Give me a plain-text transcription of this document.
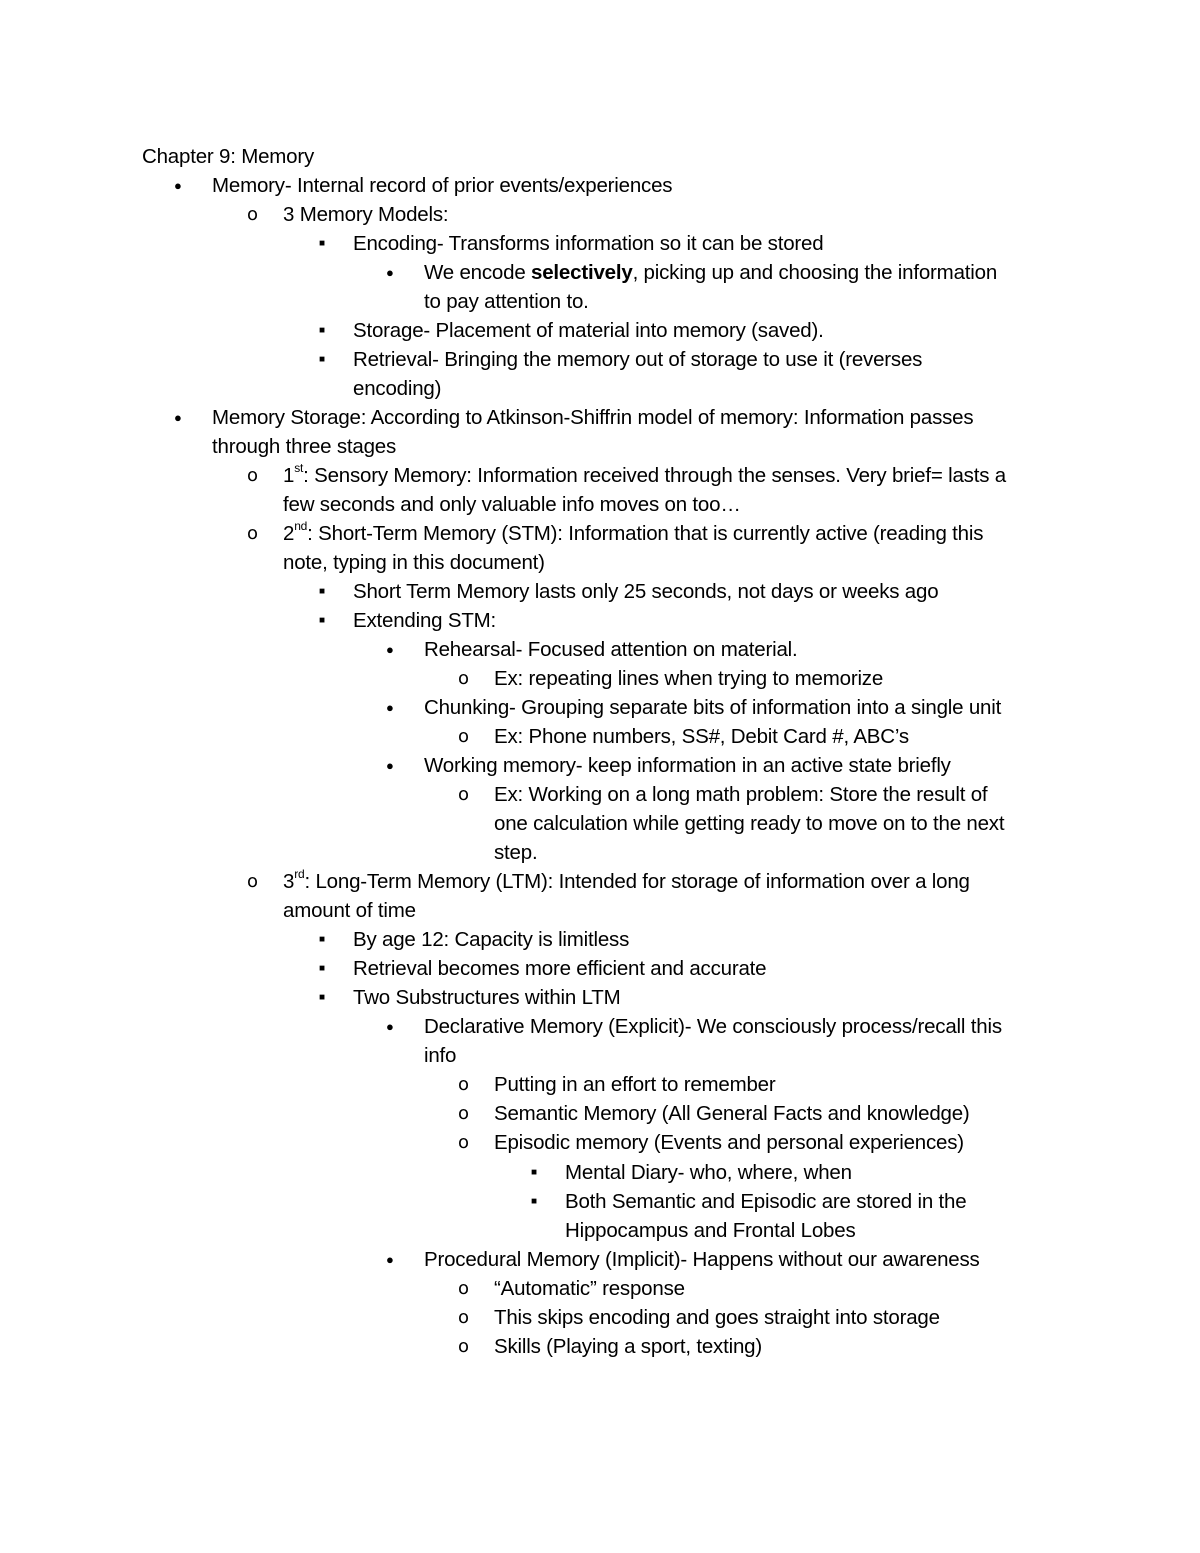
Chapter 9: Memory
● Memory- Internal record of prior events/experiences
o 3 Memory Models:
■ Encoding- Transforms information so it can be stored
● We encode selectively, picking up and choosing the information
to pay attention to.
■ Storage- Placement of material into memory (saved).
■ Retrieval- Bringing the memory out of storage to use it (reverses
encoding)
● Memory Storage: According to Atkinson-Shiffrin model of memory: Information passes
through three stages
o 1st: Sensory Memory: Information received through the senses. Very brief= lasts a
few seconds and only valuable info moves on too…
o 2nd: Short-Term Memory (STM): Information that is currently active (reading this
note, typing in this document)
■ Short Term Memory lasts only 25 seconds, not days or weeks ago
■ Extending STM:
● Rehearsal- Focused attention on material.
o Ex: repeating lines when trying to memorize
● Chunking- Grouping separate bits of information into a single unit
o Ex: Phone numbers, SS#, Debit Card #, ABC’s
● Working memory- keep information in an active state briefly
o Ex: Working on a long math problem: Store the result of
one calculation while getting ready to move on to the next
step.
o 3rd: Long-Term Memory (LTM): Intended for storage of information over a long
amount of time
■ By age 12: Capacity is limitless
■ Retrieval becomes more efficient and accurate
■ Two Substructures within LTM
● Declarative Memory (Explicit)- We consciously process/recall this
info
o Putting in an effort to remember
o Semantic Memory (All General Facts and knowledge)
o Episodic memory (Events and personal experiences)
■ Mental Diary- who, where, when
■ Both Semantic and Episodic are stored in the
Hippocampus and Frontal Lobes
● Procedural Memory (Implicit)- Happens without our awareness
o “Automatic” response
o This skips encoding and goes straight into storage
o Skills (Playing a sport, texting)
